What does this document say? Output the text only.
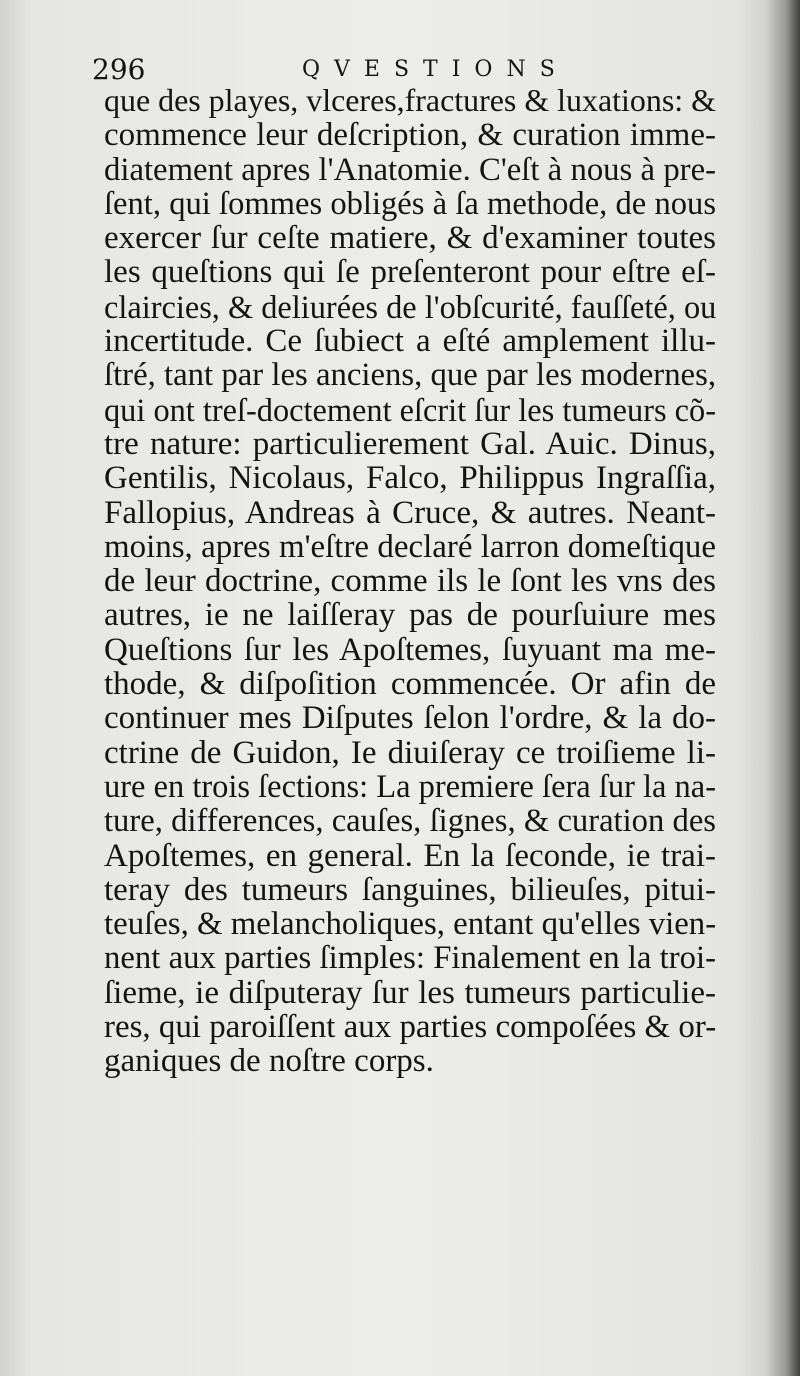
296	QVESTIONS
que des playes, vlceres,fractures & luxations: &
commence leur deſcription, & curation imme-
diatement apres l'Anatomie. C'eſt à nous à pre-
ſent, qui ſommes obligés à ſa methode, de nous
exercer ſur ceſte matiere, & d'examiner toutes
les queſtions qui ſe preſenteront pour eſtre eſ-
claircies, & deliurées de l'obſcurité, fauſſeté, ou
incertitude. Ce ſubiect a eſté amplement illu-
ſtré, tant par les anciens, que par les modernes,
qui ont treſ-doctement eſcrit ſur les tumeurs cõ-
tre nature: particulierement Gal. Auic. Dinus,
Gentilis, Nicolaus, Falco, Philippus Ingraſſia,
Fallopius, Andreas à Cruce, & autres. Neant-
moins, apres m'eſtre declaré larron domeſtique
de leur doctrine, comme ils le ſont les vns des
autres, ie ne laiſſeray pas de pourſuiure mes
Queſtions ſur les Apoſtemes, ſuyuant ma me-
thode, & diſpoſition commencée. Or afin de
continuer mes Diſputes ſelon l'ordre, & la do-
ctrine de Guidon, Ie diuiſeray ce troiſieme li-
ure en trois ſections: La premiere ſera ſur la na-
ture, differences, cauſes, ſignes, & curation des
Apoſtemes, en general. En la ſeconde, ie trai-
teray des tumeurs ſanguines, bilieuſes, pitui-
teuſes, & melancholiques, entant qu'elles vien-
nent aux parties ſimples: Finalement en la troi-
ſieme, ie diſputeray ſur les tumeurs particulie-
res, qui paroiſſent aux parties compoſées & or-
ganiques de noſtre corps.
